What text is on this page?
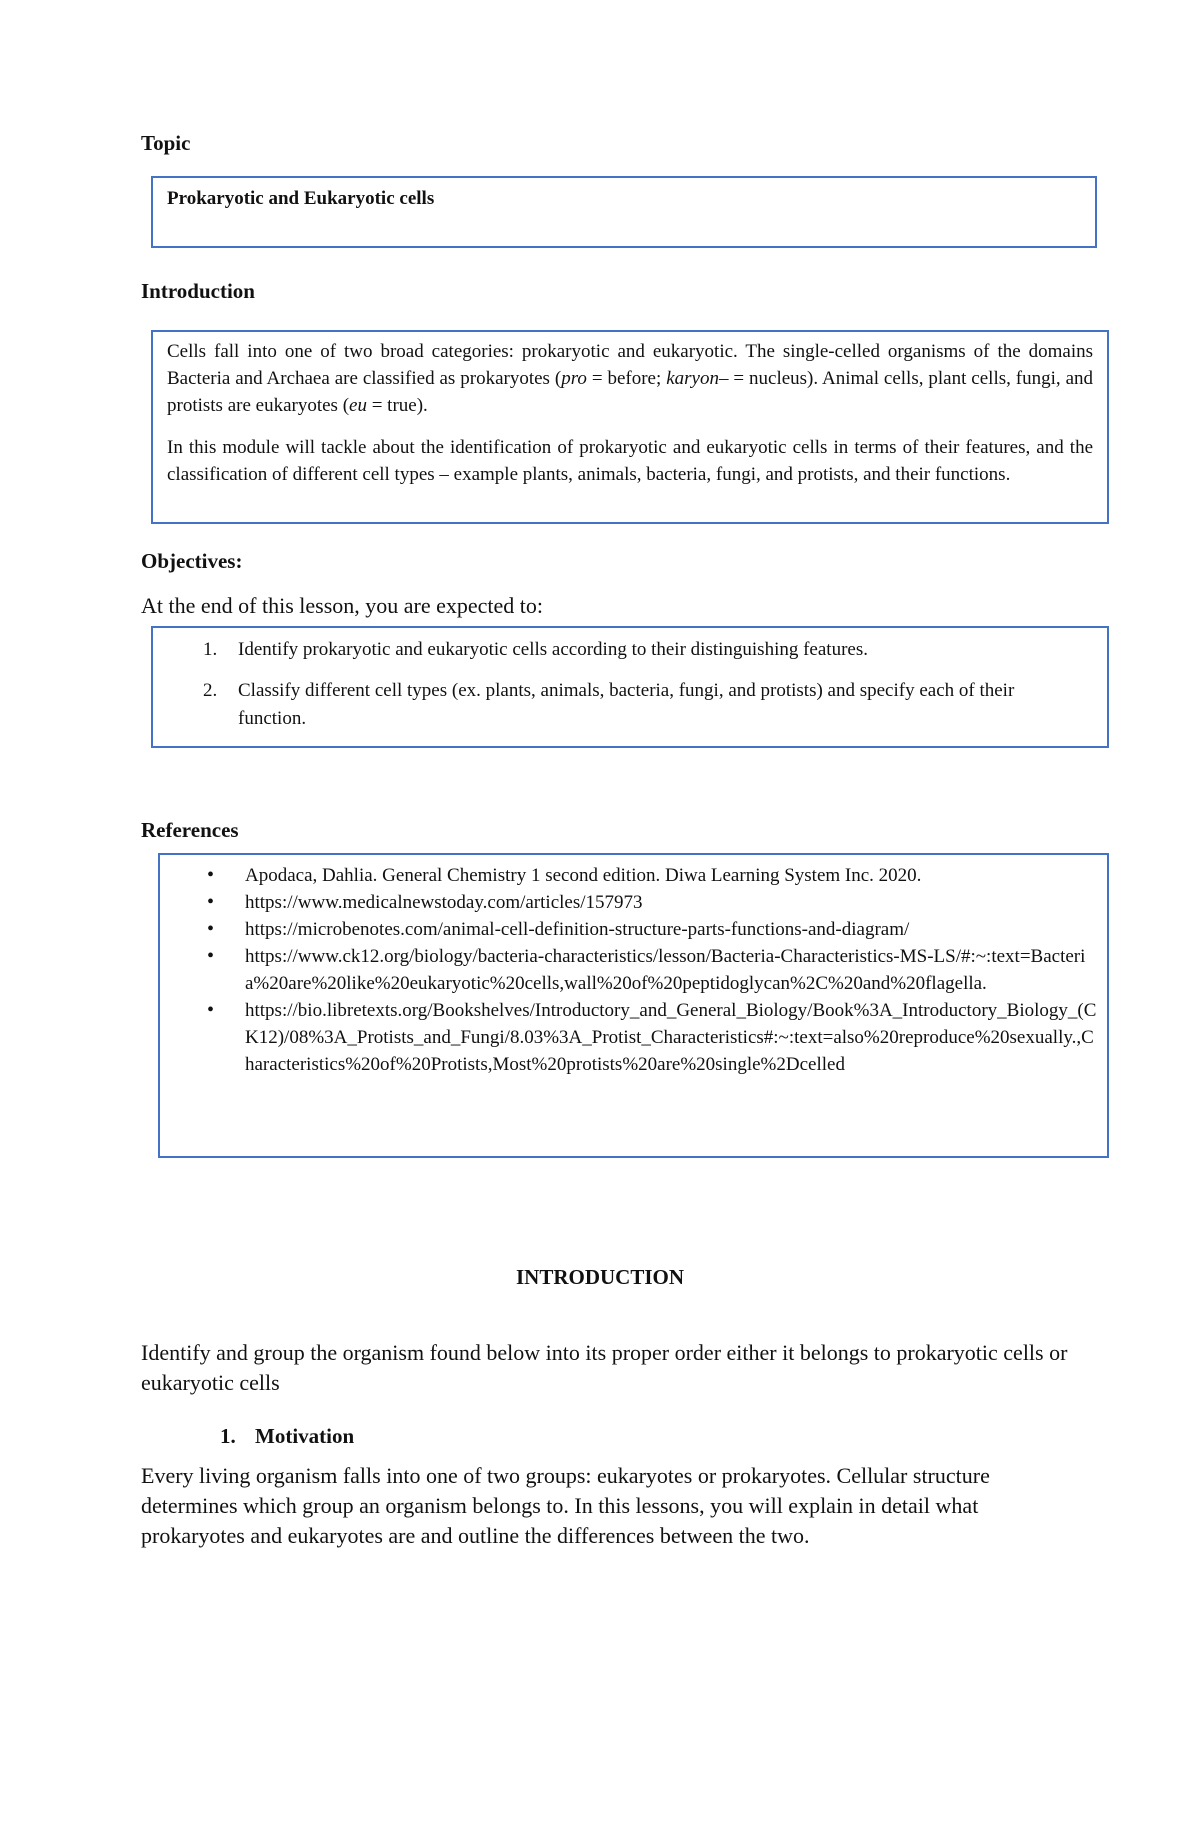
Topic
Prokaryotic and Eukaryotic cells
Introduction

Cells fall into one of two broad categories: prokaryotic and eukaryotic. The single-celled organisms of the domains Bacteria and Archaea are classified as prokaryotes (pro = before; karyon– = nucleus). Animal cells, plant cells, fungi, and protists are eukaryotes (eu = true).

In this module will tackle about the identification of prokaryotic and eukaryotic cells in terms of their features, and the classification of different cell types – example plants, animals, bacteria, fungi, and protists, and their functions.

Objectives:
At the end of this lesson, you are expected to:
1. Identify prokaryotic and eukaryotic cells according to their distinguishing features.
2. Classify different cell types (ex. plants, animals, bacteria, fungi, and protists) and specify each of their function.
References
• Apodaca, Dahlia. General Chemistry 1 second edition. Diwa Learning System Inc. 2020.
• https://www.medicalnewstoday.com/articles/157973
• https://microbenotes.com/animal-cell-definition-structure-parts-functions-and-diagram/
• https://www.ck12.org/biology/bacteria-characteristics/lesson/Bacteria-Characteristics-MS-LS/#:~:text=Bacteria%20are%20like%20eukaryotic%20cells,wall%20of%20peptidoglycan%2C%20and%20flagella.
• https://bio.libretexts.org/Bookshelves/Introductory_and_General_Biology/Book%3A_Introductory_Biology_(CK12)/08%3A_Protists_and_Fungi/8.03%3A_Protist_Characteristics#:~:text=also%20reproduce%20sexually.,Characteristics%20of%20Protists,Most%20protists%20are%20single%2Dcelled
INTRODUCTION
Identify and group the organism found below into its proper order either it belongs to prokaryotic cells or eukaryotic cells
1. Motivation
Every living organism falls into one of two groups: eukaryotes or prokaryotes. Cellular structure determines which group an organism belongs to. In this lessons, you will explain in detail what prokaryotes and eukaryotes are and outline the differences between the two.
